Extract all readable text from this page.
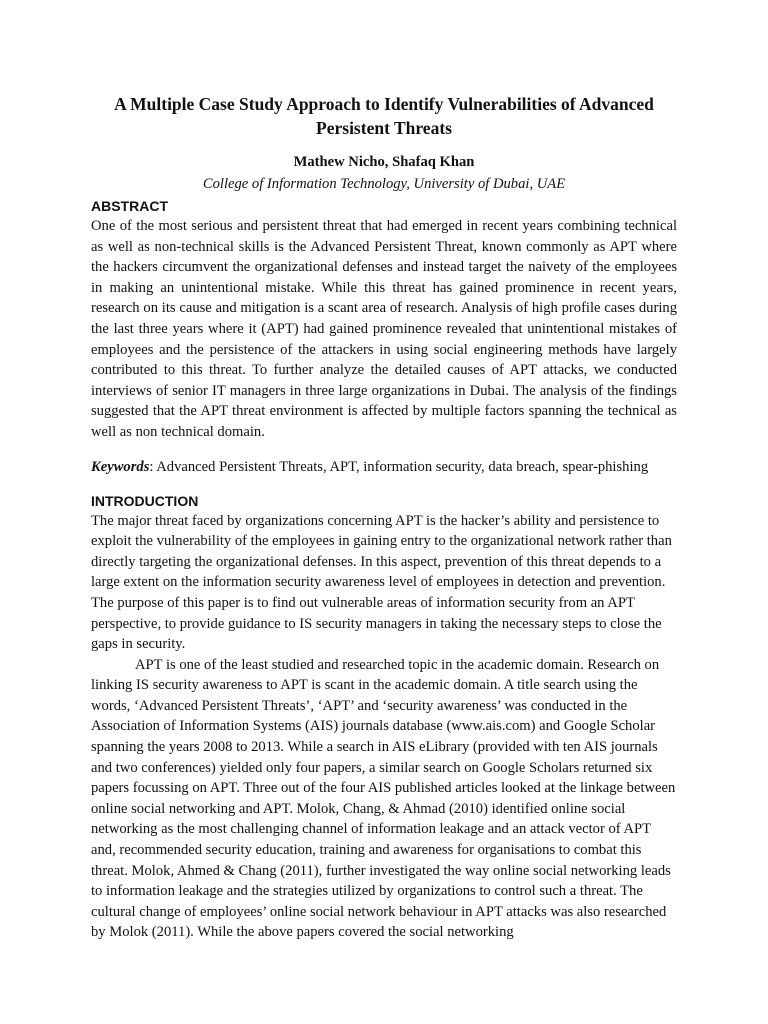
A Multiple Case Study Approach to Identify Vulnerabilities of Advanced Persistent Threats
Mathew Nicho, Shafaq Khan
College of Information Technology, University of Dubai, UAE
ABSTRACT

One of the most serious and persistent threat that had emerged in recent years combining technical as well as non-technical skills is the Advanced Persistent Threat, known commonly as APT where the hackers circumvent the organizational defenses and instead target the naivety of the employees in making an unintentional mistake. While this threat has gained prominence in recent years, research on its cause and mitigation is a scant area of research. Analysis of high profile cases during the last three years where it (APT) had gained prominence revealed that unintentional mistakes of employees and the persistence of the attackers in using social engineering methods have largely contributed to this threat. To further analyze the detailed causes of APT attacks, we conducted interviews of senior IT managers in three large organizations in Dubai. The analysis of the findings suggested that the APT threat environment is affected by multiple factors spanning the technical as well as non technical domain.

Keywords: Advanced Persistent Threats, APT, information security, data breach, spear-phishing
INTRODUCTION

The major threat faced by organizations concerning APT is the hacker’s ability and persistence to exploit the vulnerability of the employees in gaining entry to the organizational network rather than directly targeting the organizational defenses. In this aspect, prevention of this threat depends to a large extent on the information security awareness level of employees in detection and prevention. The purpose of this paper is to find out vulnerable areas of information security from an APT perspective, to provide guidance to IS security managers in taking the necessary steps to close the gaps in security.

APT is one of the least studied and researched topic in the academic domain. Research on linking IS security awareness to APT is scant in the academic domain. A title search using the words, ‘Advanced Persistent Threats’, ‘APT’ and ‘security awareness’ was conducted in the Association of Information Systems (AIS) journals database (www.ais.com) and Google Scholar spanning the years 2008 to 2013. While a search in AIS eLibrary (provided with ten AIS journals and two conferences) yielded only four papers, a similar search on Google Scholars returned six papers focussing on APT. Three out of the four AIS published articles looked at the linkage between online social networking and APT. Molok, Chang, & Ahmad (2010) identified online social networking as the most challenging channel of information leakage and an attack vector of APT and, recommended security education, training and awareness for organisations to combat this threat. Molok, Ahmed & Chang (2011), further investigated the way online social networking leads to information leakage and the strategies utilized by organizations to control such a threat. The cultural change of employees’ online social network behaviour in APT attacks was also researched by Molok (2011). While the above papers covered the social networking
